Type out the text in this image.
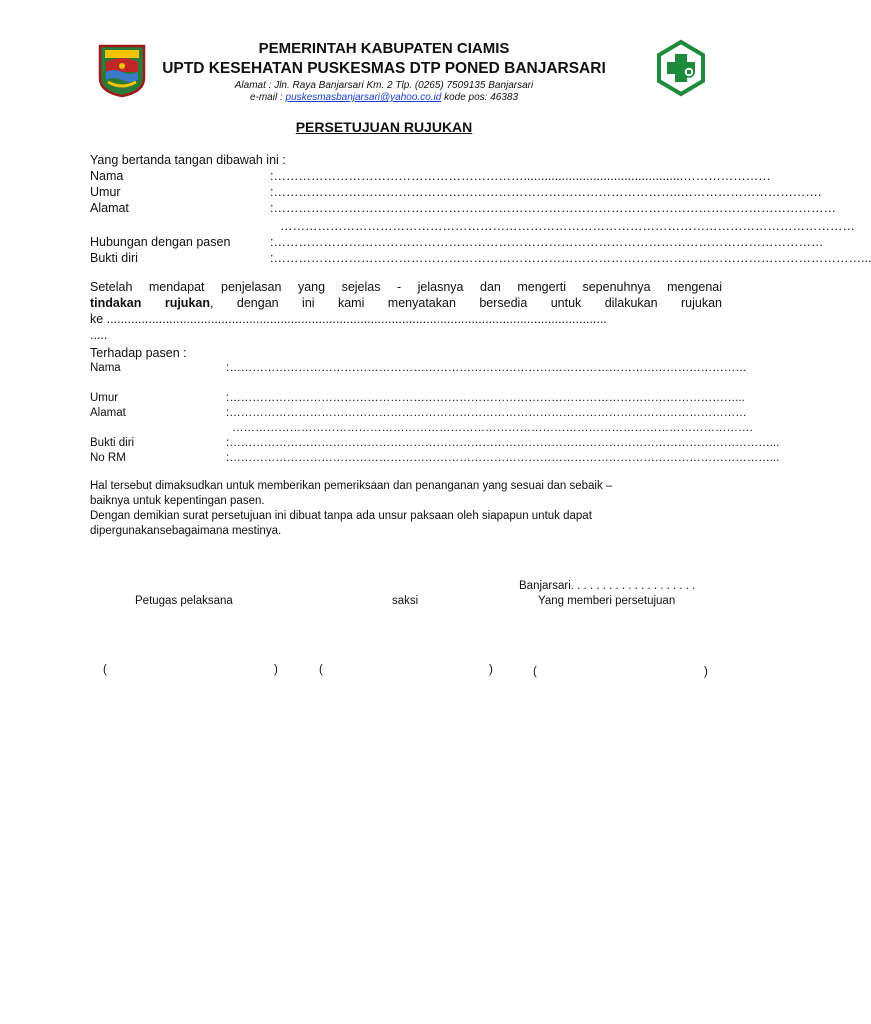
PEMERINTAH KABUPATEN CIAMIS
UPTD KESEHATAN PUSKESMAS DTP PONED BANJARSARI
Alamat : Jln. Raya Banjarsari Km. 2 Tlp. (0265) 7509135 Banjarsari
e-mail : puskesmasbanjarsari@yahoo.co.id kode pos: 46383
PERSETUJUAN RUJUKAN
Yang bertanda tangan dibawah ini :
Nama	: ……………………………………………………..............................................…………………
Umur	: ……………………………………………………………………………………..…………………………….
Alamat	: ………………………………………………………………………………………………………………………
…………………………………………………………………………………………………………………………
Hubungan dengan pasen	: ……………………………………………………………………………………………………………………
Bukti diri	: ……………………………………………………………………………………………………………………………...
Setelah mendapat penjelasan yang sejelas - jelasnya dan mengerti sepenuhnya mengenai
tindakan rujukan, dengan ini kami menyatakan bersedia untuk dilakukan rujukan
ke ................................................................................................................................................
.....
Terhadap pasen :
Nama	: ………………………………………………………………………………………………………………………
Umur	: ……………………………………………………………………………………………………………………...
Alamat	: ………………………………………………………………………………………………………………………
……………………………………………………………………………………………………………………….
Bukti diri	: ……………………………………………………………………………………………………………………………...
No RM	: ……………………………………………………………………………………………………………………………...
Hal tersebut dimaksudkan untuk memberikan pemeriksaan dan penanganan yang sesuai dan sebaik –
baiknya untuk kepentingan pasen.
Dengan demikian surat persetujuan ini dibuat tanpa ada unsur paksaan oleh siapapun untuk dapat
dipergunakansebagaimana mestinya.
Banjarsari. . . . . . . . . . . . . . . . . . . .
Petugas pelaksana	saksi	Yang memberi persetujuan
(	)	(	)	(	)
